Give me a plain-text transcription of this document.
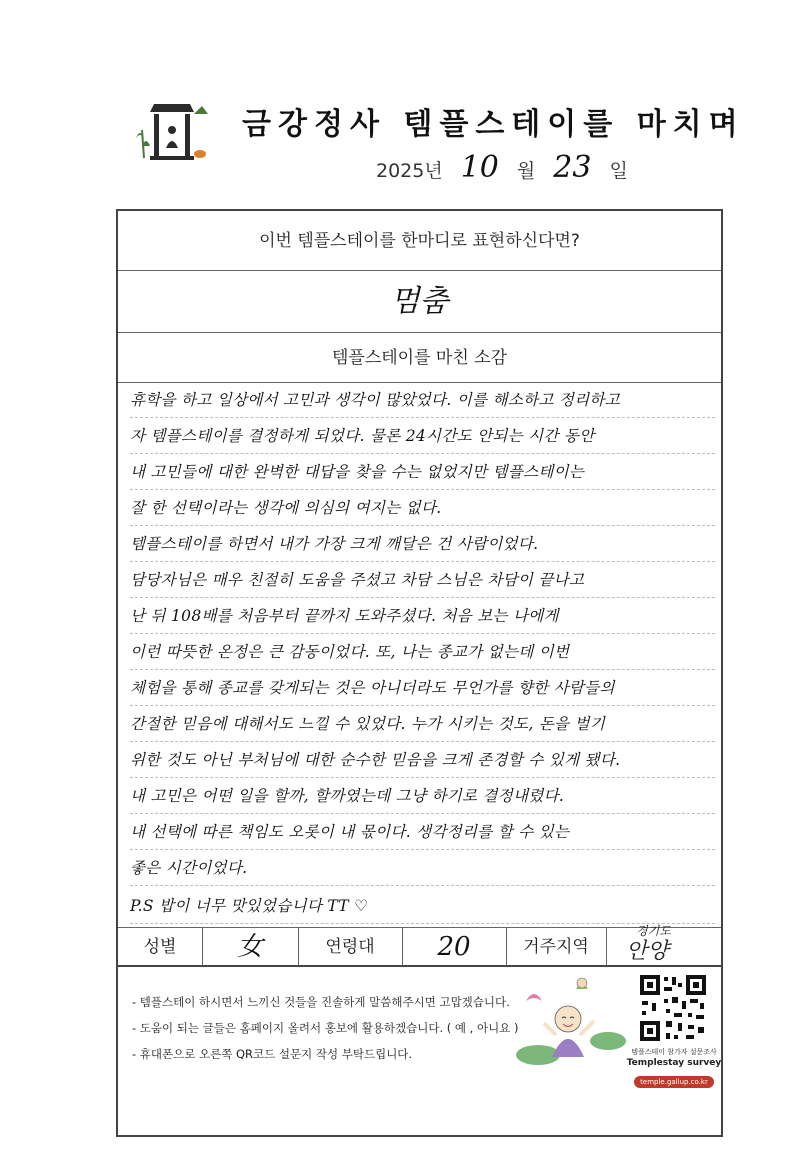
금강정사 템플스테이를 마치며
2025년 10 월 23 일
이번 템플스테이를 한마디로 표현하신다면?
멈춤
템플스테이를 마친 소감
휴학을 하고 일상에서 고민과 생각이 많았었다. 이를 해소하고 정리하고
자 템플스테이를 결정하게 되었다. 물론 24시간도 안되는 시간 동안
내 고민들에 대한 완벽한 대답을 찾을 수는 없었지만 템플스테이는
잘 한 선택이라는 생각에 의심의 여지는 없다.
템플스테이를 하면서 내가 가장 크게 깨달은 건 사람이었다.
담당자님은 매우 친절히 도움을 주셨고 차담 스님은 차담이 끝나고
난 뒤 108배를 처음부터 끝까지 도와주셨다. 처음 보는 나에게
이런 따뜻한 온정은 큰 감동이었다. 또, 나는 종교가 없는데 이번
체험을 통해 종교를 갖게되는 것은 아니더라도 무언가를 향한 사람들의
간절한 믿음에 대해서도 느낄 수 있었다. 누가 시키는 것도, 돈을 벌기
위한 것도 아닌 부처님에 대한 순수한 믿음을 크게 존경할 수 있게 됐다.
내 고민은 어떤 일을 할까, 할까였는데 그냥 하기로 결정내렸다.
내 선택에 따른 책임도 오롯이 내 몫이다. 생각정리를 할 수 있는
좋은 시간이었다.
P.S 밥이 너무 맛있었습니다 TT ♡
성별	女	연령대	20	거주지역
경기도
안양
- 템플스테이 하시면서 느끼신 것들을 진솔하게 말씀해주시면 고맙겠습니다.
- 도움이 되는 글들은 홈페이지 올려서 홍보에 활용하겠습니다. ( 예 , 아니요 )
- 휴대폰으로 오른쪽 QR코드 설문지 작성 부탁드립니다.	템플스테이 참가자 설문조사
Templestay survey
temple.gallup.co.kr
